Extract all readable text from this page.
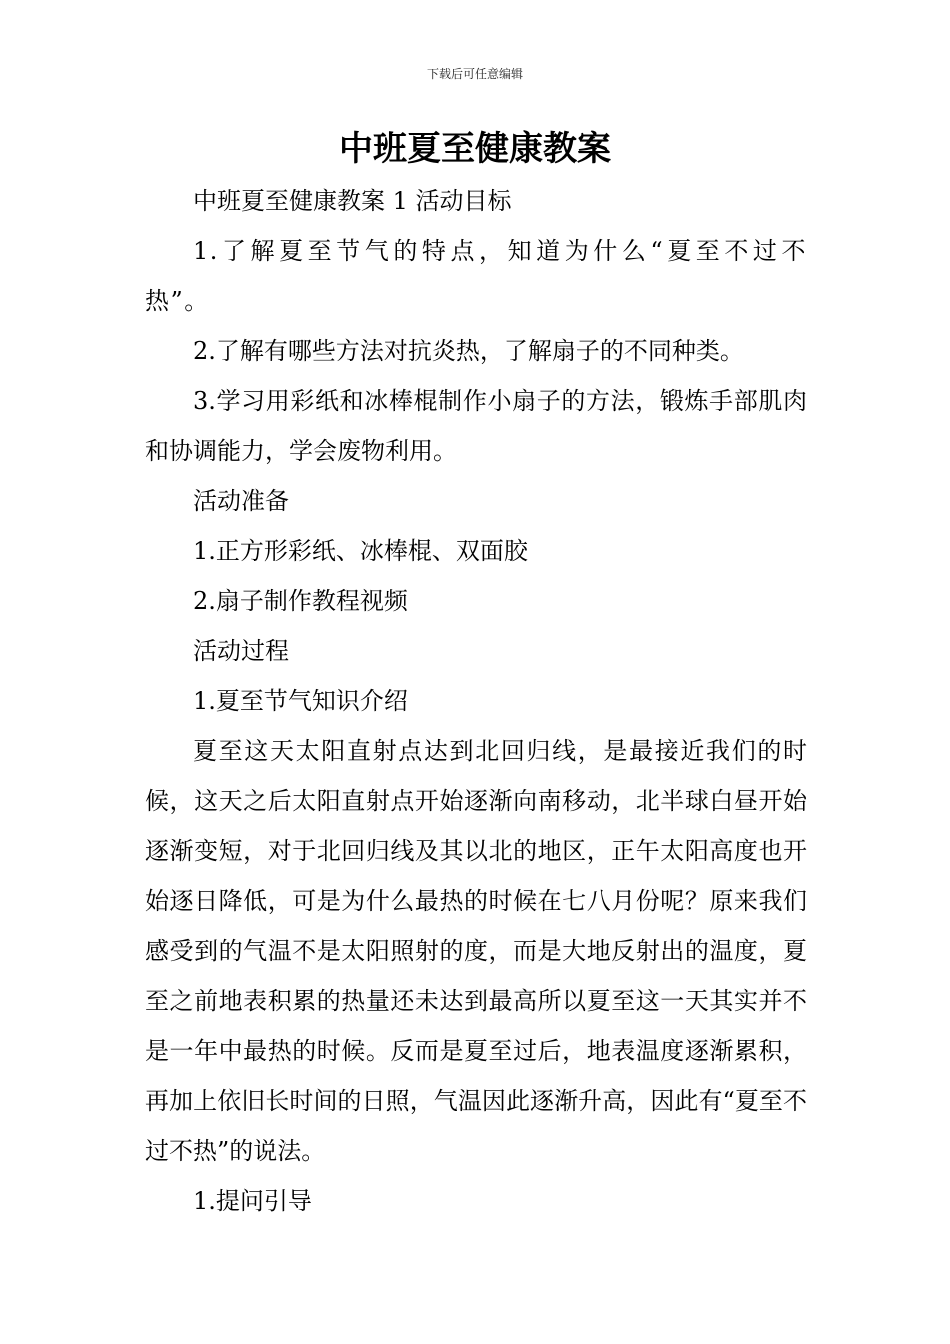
下载后可任意编辑
中班夏至健康教案

中班夏至健康教案 1 活动目标

1.了解夏至节气的特点，知道为什么“夏至不过不热”。

2.了解有哪些方法对抗炎热，了解扇子的不同种类。

3.学习用彩纸和冰棒棍制作小扇子的方法，锻炼手部肌肉和协调能力，学会废物利用。

活动准备

1.正方形彩纸、冰棒棍、双面胶

2.扇子制作教程视频

活动过程

1.夏至节气知识介绍

夏至这天太阳直射点达到北回归线，是最接近我们的时候，这天之后太阳直射点开始逐渐向南移动，北半球白昼开始逐渐变短，对于北回归线及其以北的地区，正午太阳高度也开始逐日降低，可是为什么最热的时候在七八月份呢？原来我们感受到的气温不是太阳照射的度，而是大地反射出的温度，夏至之前地表积累的热量还未达到最高所以夏至这一天其实并不是一年中最热的时候。反而是夏至过后，地表温度逐渐累积，再加上依旧长时间的日照，气温因此逐渐升高，因此有“夏至不过不热”的说法。

1.提问引导
